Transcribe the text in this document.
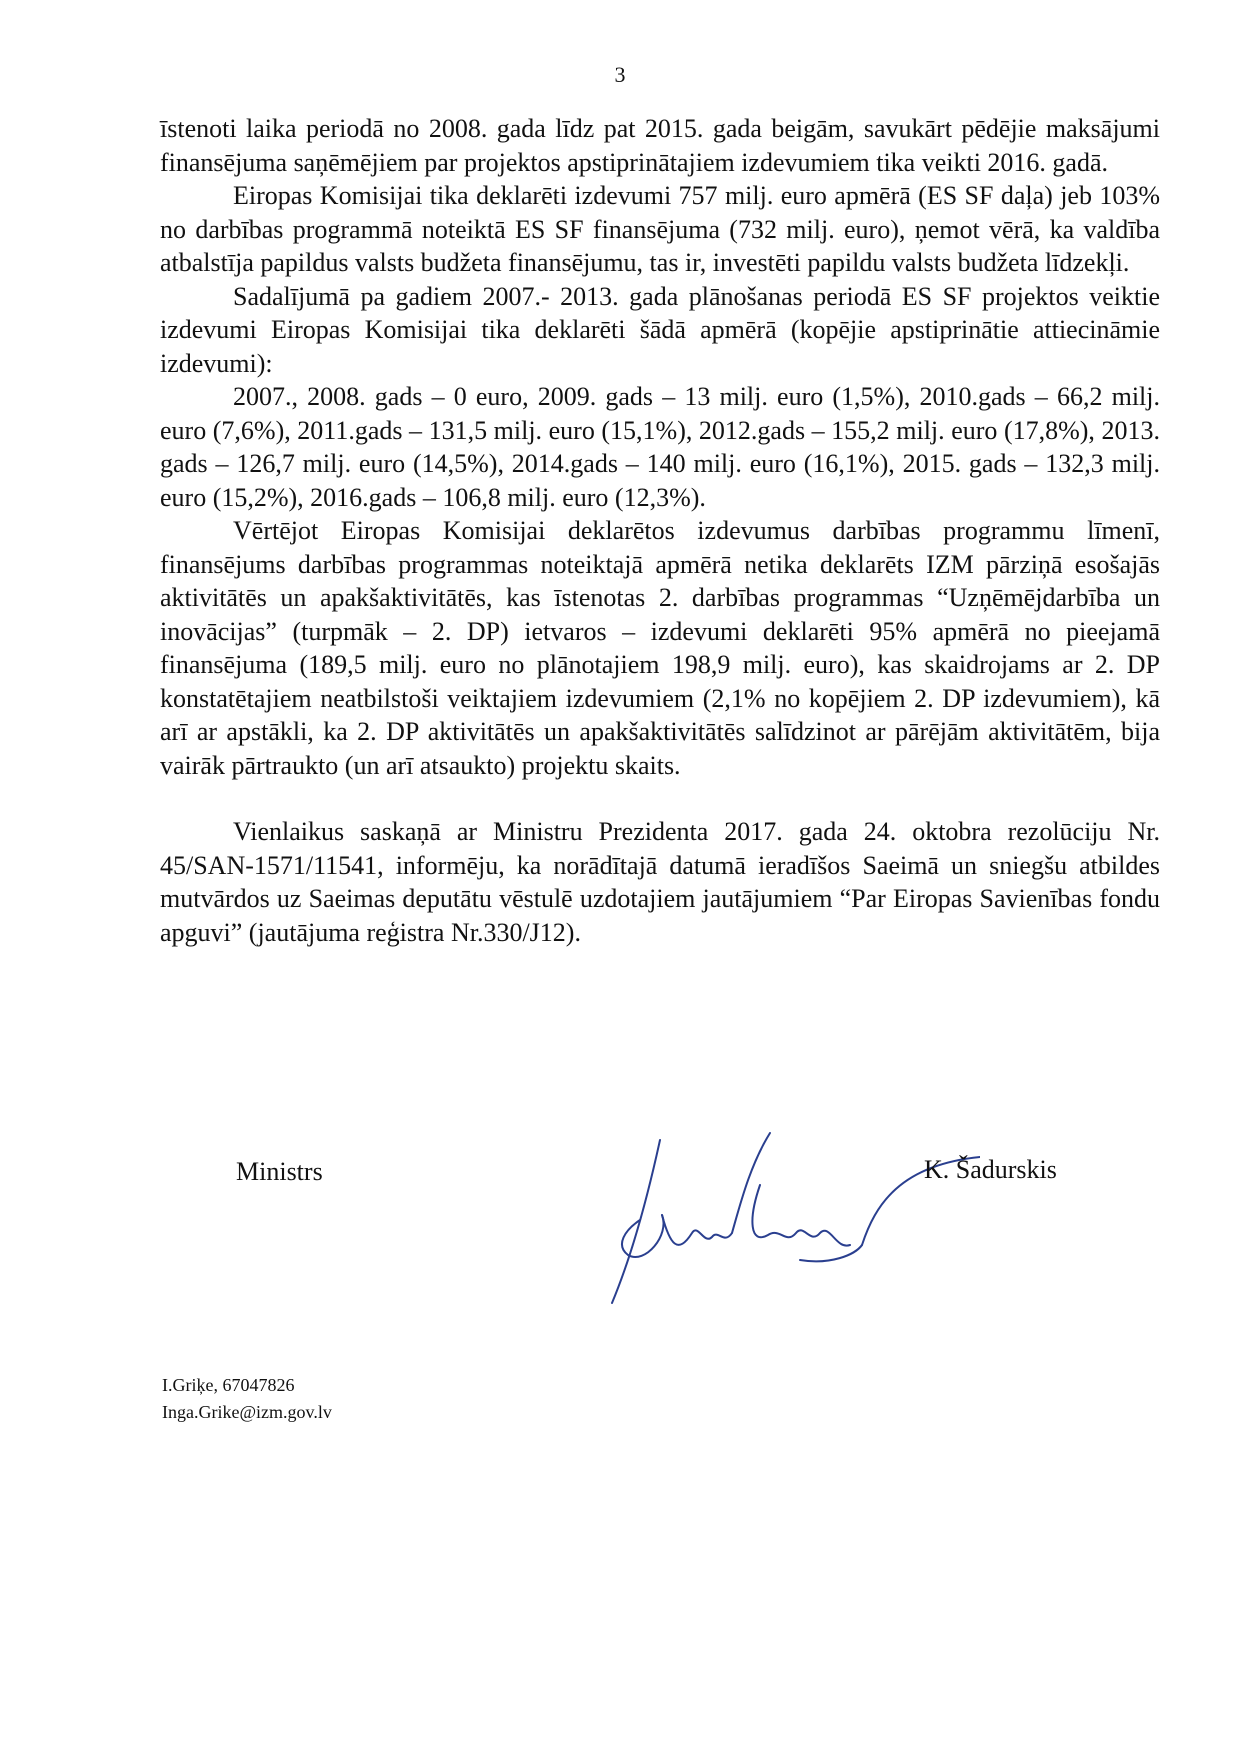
3

īstenoti laika periodā no 2008. gada līdz pat 2015. gada beigām, savukārt pēdējie maksājumi finansējuma saņēmējiem par projektos apstiprinātajiem izdevumiem tika veikti 2016. gadā.

Eiropas Komisijai tika deklarēti izdevumi 757 milj. euro apmērā (ES SF daļa) jeb 103% no darbības programmā noteiktā ES SF finansējuma (732 milj. euro), ņemot vērā, ka valdība atbalstīja papildus valsts budžeta finansējumu, tas ir, investēti papildu valsts budžeta līdzekļi.

Sadalījumā pa gadiem 2007.- 2013. gada plānošanas periodā ES SF projektos veiktie izdevumi Eiropas Komisijai tika deklarēti šādā apmērā (kopējie apstiprinātie attiecināmie izdevumi):

2007., 2008. gads – 0 euro, 2009. gads – 13 milj. euro (1,5%), 2010.gads – 66,2 milj. euro (7,6%), 2011.gads – 131,5 milj. euro (15,1%), 2012.gads – 155,2 milj. euro (17,8%), 2013. gads – 126,7 milj. euro (14,5%), 2014.gads – 140 milj. euro (16,1%), 2015. gads – 132,3 milj. euro (15,2%), 2016.gads – 106,8 milj. euro (12,3%).

Vērtējot Eiropas Komisijai deklarētos izdevumus darbības programmu līmenī, finansējums darbības programmas noteiktajā apmērā netika deklarēts IZM pārziņā esošajās aktivitātēs un apakšaktivitātēs, kas īstenotas 2. darbības programmas “Uzņēmējdarbība un inovācijas” (turpmāk – 2. DP) ietvaros – izdevumi deklarēti 95% apmērā no pieejamā finansējuma (189,5 milj. euro no plānotajiem 198,9 milj. euro), kas skaidrojams ar 2. DP konstatētajiem neatbilstoši veiktajiem izdevumiem (2,1% no kopējiem 2. DP izdevumiem), kā arī ar apstākli, ka 2. DP aktivitātēs un apakšaktivitātēs salīdzinot ar pārējām aktivitātēm, bija vairāk pārtraukto (un arī atsaukto) projektu skaits.

Vienlaikus saskaņā ar Ministru Prezidenta 2017. gada 24. oktobra rezolūciju Nr. 45/SAN-1571/11541, informēju, ka norādītajā datumā ieradīšos Saeimā un sniegšu atbildes mutvārdos uz Saeimas deputātu vēstulē uzdotajiem jautājumiem “Par Eiropas Savienības fondu apguvi” (jautājuma reģistra Nr.330/J12).

Ministrs	K. Šadurskis
I.Griķe, 67047826
Inga.Grike@izm.gov.lv
